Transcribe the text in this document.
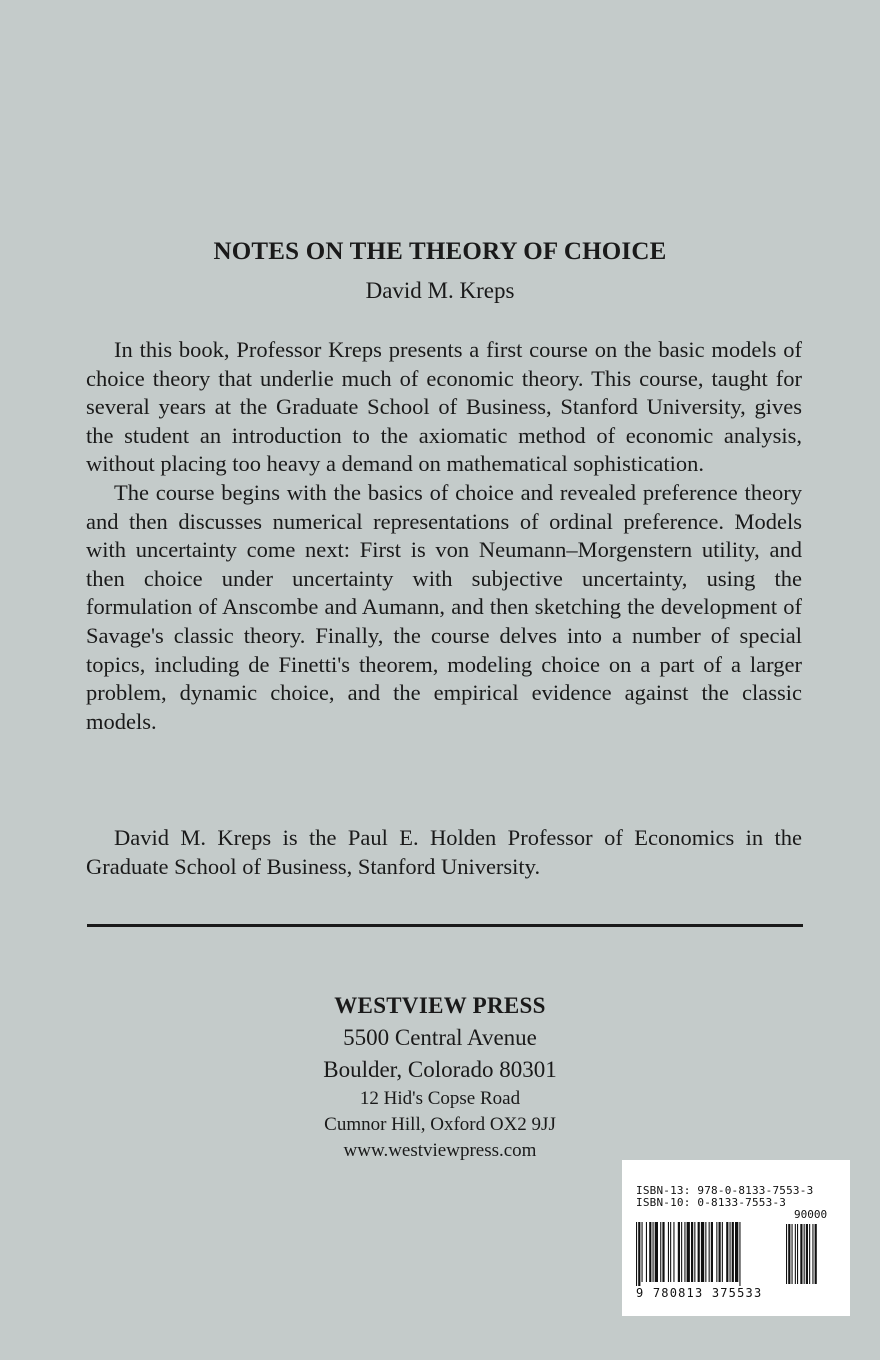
NOTES ON THE THEORY OF CHOICE
David M. Kreps

In this book, Professor Kreps presents a first course on the basic models of choice theory that underlie much of economic theory. This course, taught for several years at the Graduate School of Business, Stanford University, gives the student an introduction to the axiomatic method of economic analysis, without placing too heavy a demand on mathematical sophistication.

The course begins with the basics of choice and revealed preference theory and then discusses numerical representations of ordinal preference. Models with uncertainty come next: First is von Neumann–Morgenstern utility, and then choice under uncertainty with subjective uncertainty, using the formulation of Anscombe and Aumann, and then sketching the development of Savage's classic theory. Finally, the course delves into a number of special topics, including de Finetti's theorem, modeling choice on a part of a larger problem, dynamic choice, and the empirical evidence against the classic models.

David M. Kreps is the Paul E. Holden Professor of Economics in the Graduate School of Business, Stanford University.

WESTVIEW PRESS
5500 Central Avenue
Boulder, Colorado 80301
12 Hid's Copse Road
Cumnor Hill, Oxford OX2 9JJ
www.westviewpress.com
ISBN-13: 978-0-8133-7553-3
ISBN-10: 0-8133-7553-3
90000
9 780813 375533
